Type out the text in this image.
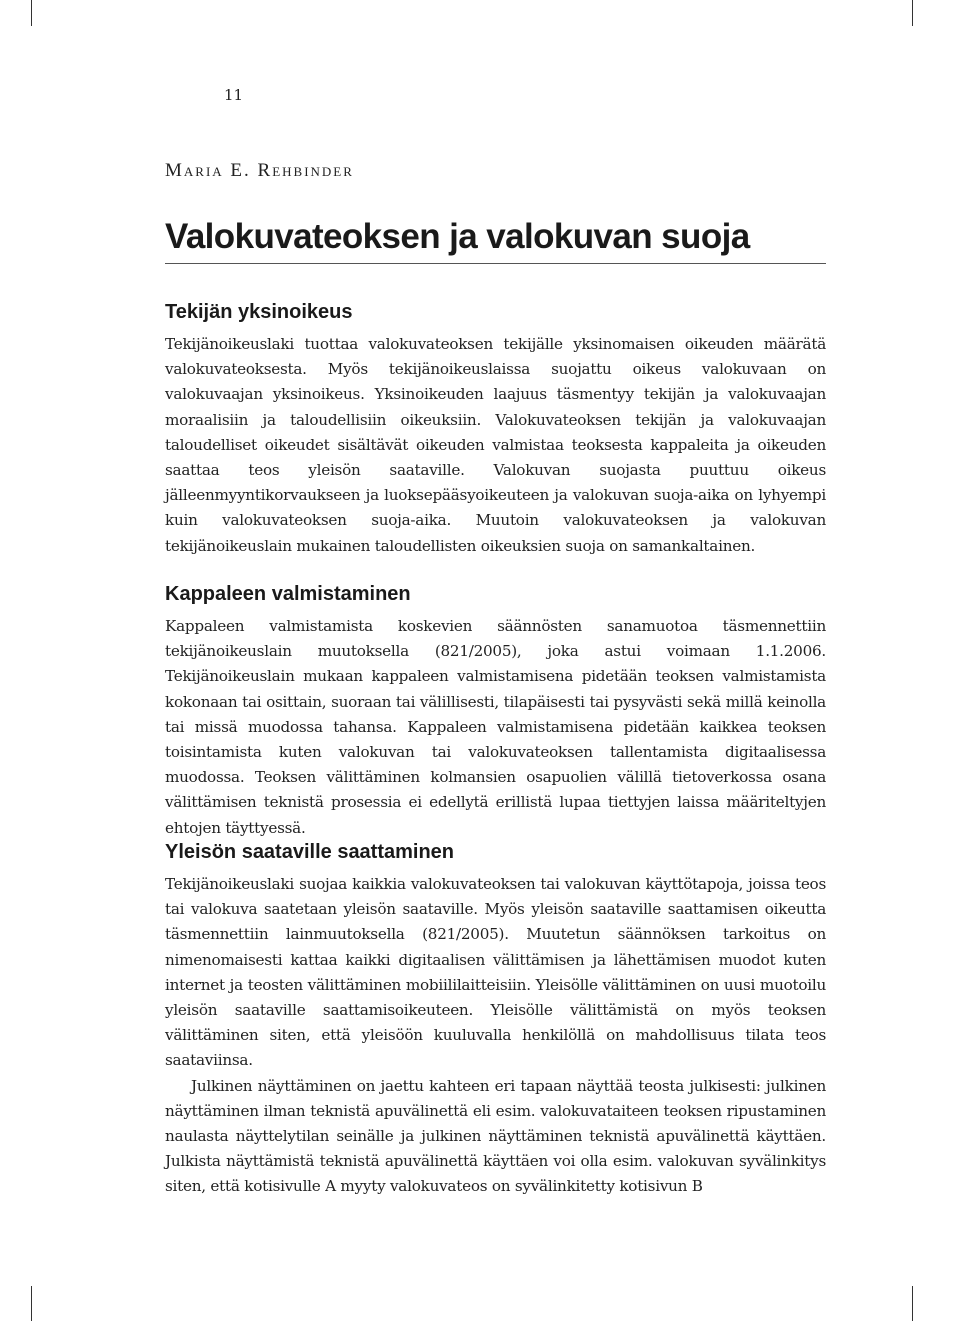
11
Maria E. Rehbinder
Valokuvateoksen ja valokuvan suoja
Tekijän yksinoikeus

Tekijänoikeuslaki tuottaa valokuvateoksen tekijälle yksinomaisen oikeuden määrätä valokuvateoksesta. Myös tekijänoikeuslaissa suojattu oikeus valokuvaan on valokuvaajan yksinoikeus. Yksinoikeuden laajuus täsmentyy tekijän ja valokuvaajan moraalisiin ja taloudellisiin oikeuksiin. Valokuvateoksen tekijän ja valokuvaajan taloudelliset oikeudet sisältävät oikeuden valmistaa teoksesta kappaleita ja oikeuden saattaa teos yleisön saataville. Valokuvan suojasta puuttuu oikeus jälleenmyyntikorvaukseen ja luoksepääsyoikeuteen ja valokuvan suoja-aika on lyhyempi kuin valokuvateoksen suoja-aika. Muutoin valokuvateoksen ja valokuvan tekijänoikeuslain mukainen taloudellisten oikeuksien suoja on samankaltainen.

Kappaleen valmistaminen

Kappaleen valmistamista koskevien säännösten sanamuotoa täsmennettiin tekijänoikeuslain muutoksella (821/2005), joka astui voimaan 1.1.2006. Tekijänoikeuslain mukaan kappaleen valmistamisena pidetään teoksen valmistamista kokonaan tai osittain, suoraan tai välillisesti, tilapäisesti tai pysyvästi sekä millä keinolla tai missä muodossa tahansa. Kappaleen valmistamisena pidetään kaikkea teoksen toisintamista kuten valokuvan tai valokuvateoksen tallentamista digitaalisessa muodossa. Teoksen välittäminen kolmansien osapuolien välillä tietoverkossa osana välittämisen teknistä prosessia ei edellytä erillistä lupaa tiettyjen laissa määriteltyjen ehtojen täyttyessä.

Yleisön saataville saattaminen

Tekijänoikeuslaki suojaa kaikkia valokuvateoksen tai valokuvan käyttötapoja, joissa teos tai valokuva saatetaan yleisön saataville. Myös yleisön saataville saattamisen oikeutta täsmennettiin lainmuutoksella (821/2005). Muutetun säännöksen tarkoitus on nimenomaisesti kattaa kaikki digitaalisen välittämisen ja lähettämisen muodot kuten internet ja teosten välittäminen mobiililaitteisiin. Yleisölle välittäminen on uusi muotoilu yleisön saataville saattamisoikeuteen. Yleisölle välittämistä on myös teoksen välittäminen siten, että yleisöön kuuluvalla henkilöllä on mahdollisuus tilata teos saataviinsa.

Julkinen näyttäminen on jaettu kahteen eri tapaan näyttää teosta julkisesti: julkinen näyttäminen ilman teknistä apuvälinettä eli esim. valokuvataiteen teoksen ripustaminen naulasta näyttelytilan seinälle ja julkinen näyttäminen teknistä apuvälinettä käyttäen. Julkista näyttämistä teknistä apuvälinettä käyttäen voi olla esim. valokuvan syvälinkitys siten, että kotisivulle A myyty valokuvateos on syvälinkitetty kotisivun B
